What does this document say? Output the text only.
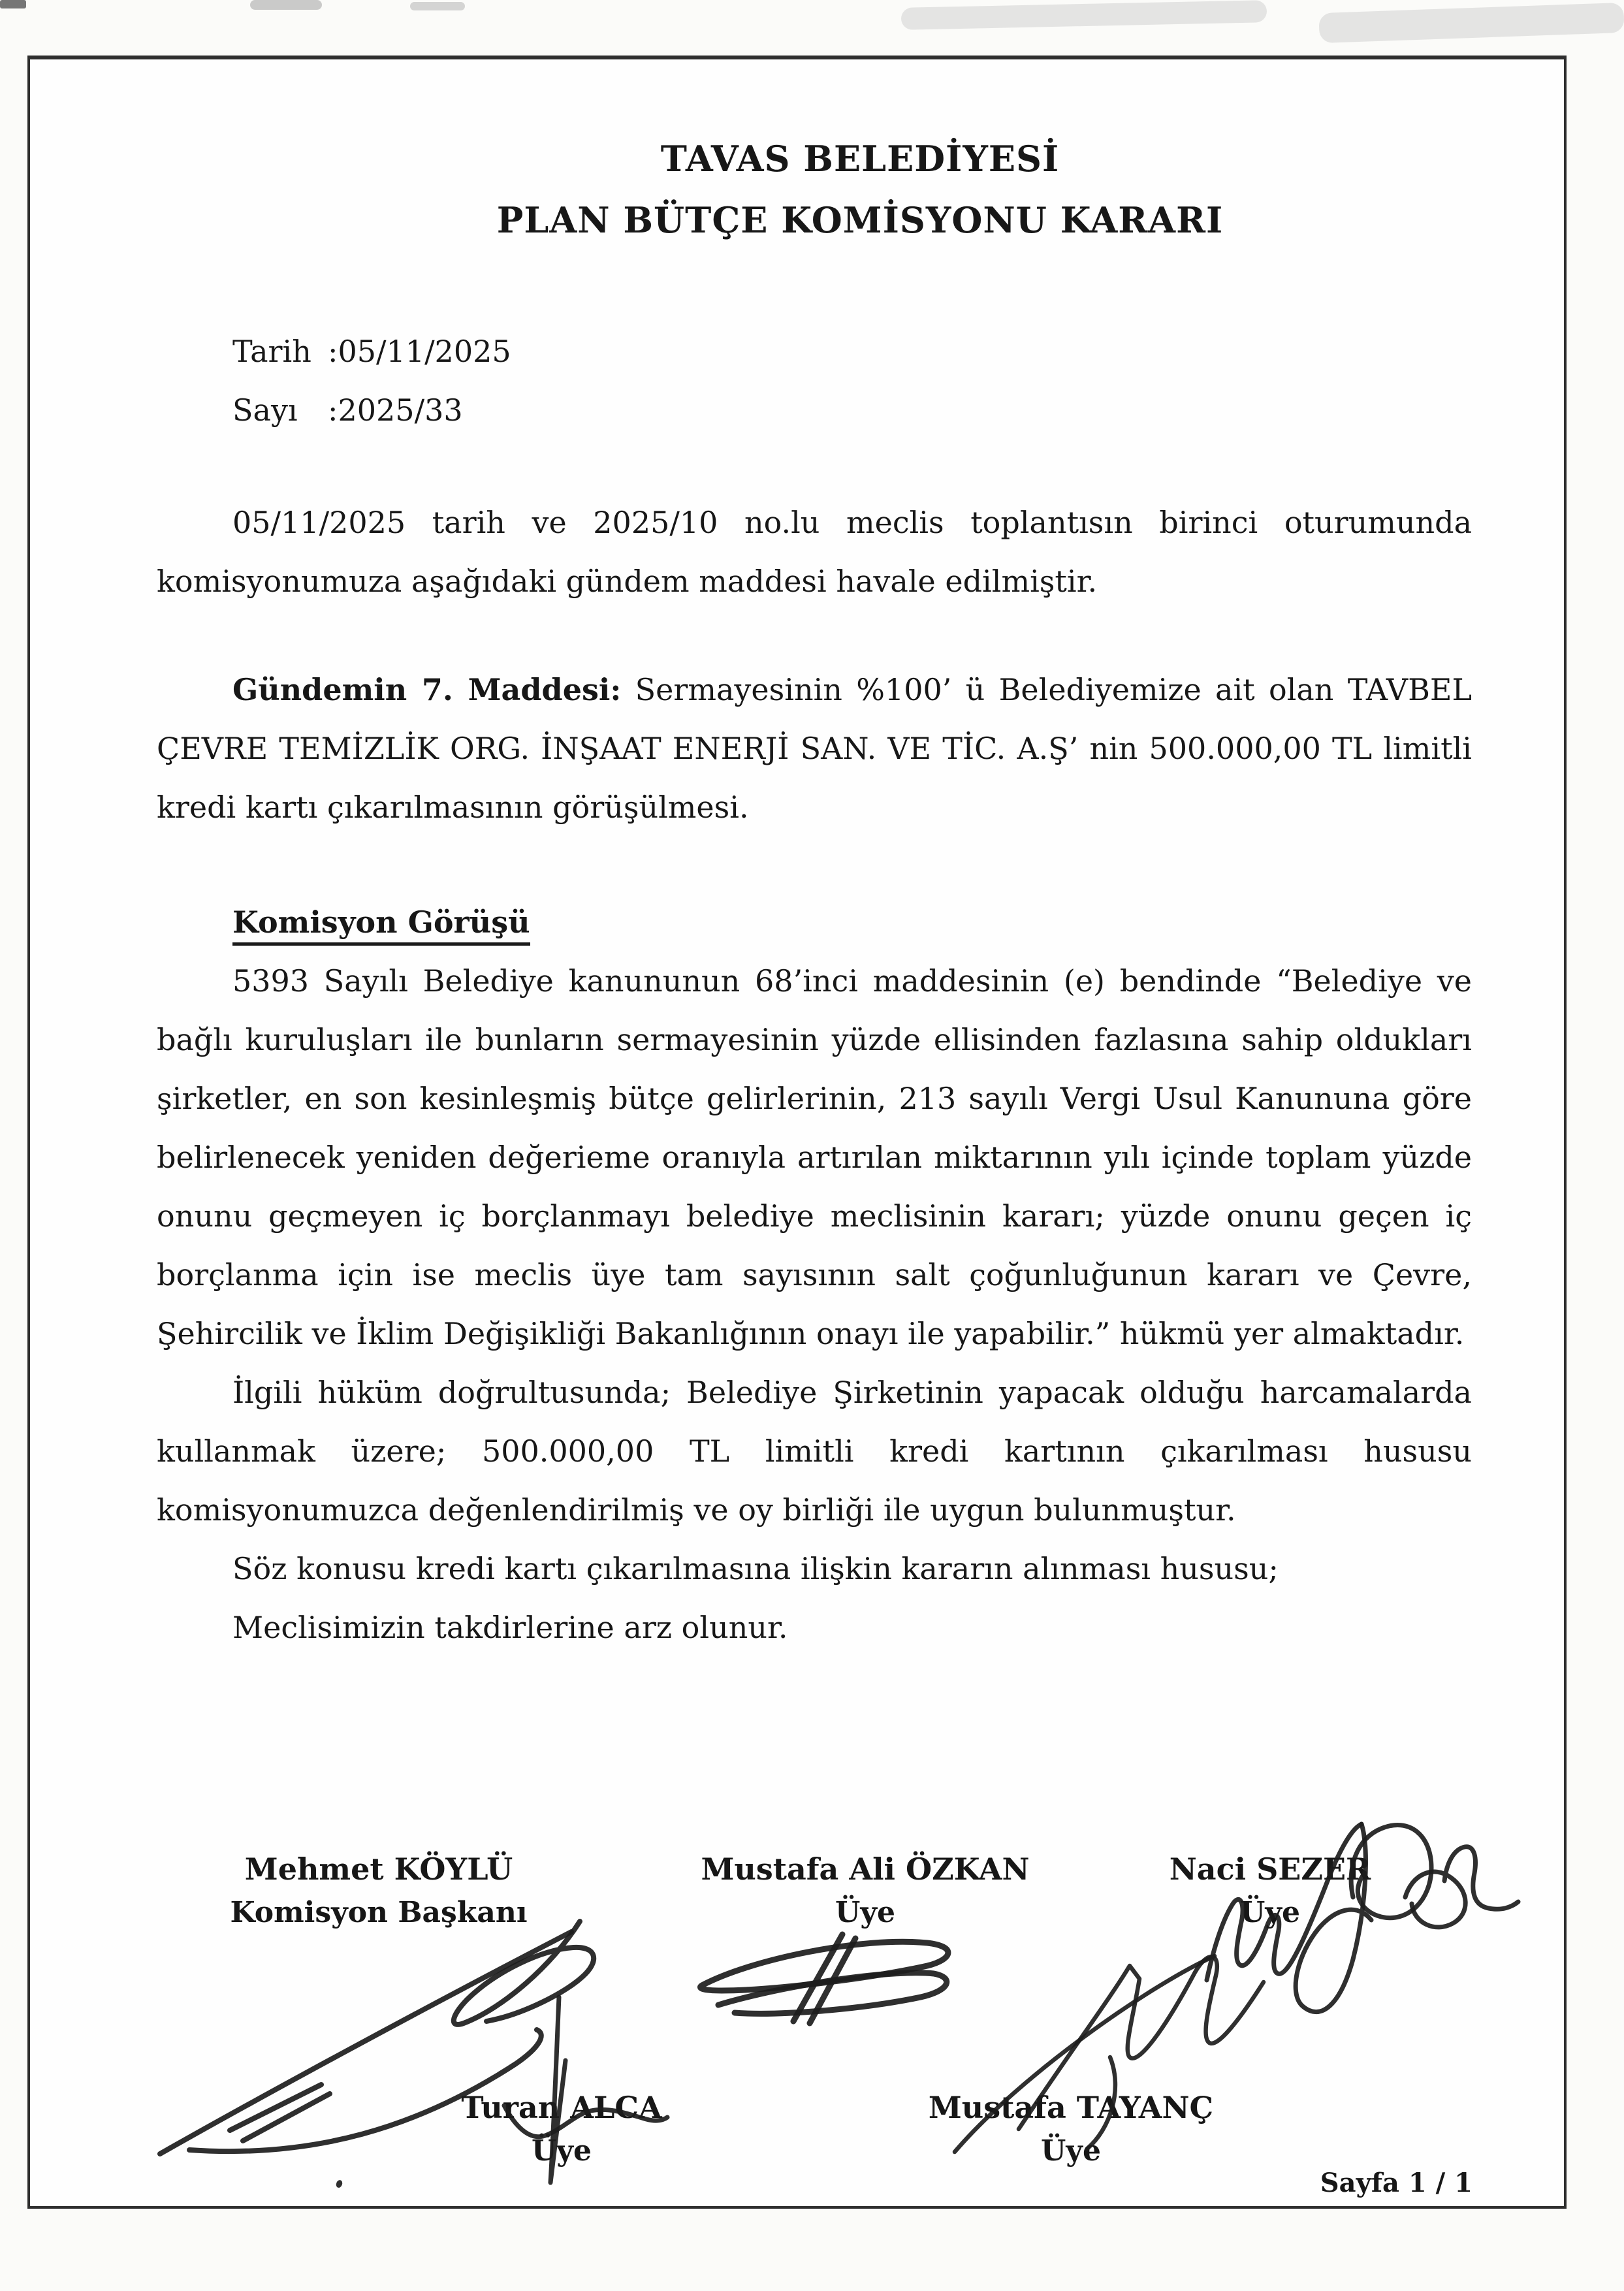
TAVAS BELEDİYESİ
PLAN BÜTÇE KOMİSYONU KARARI
Tarih :05/11/2025
Sayı :2025/33

05/11/2025 tarih ve 2025/10 no.lu meclis toplantısın birinci oturumunda komisyonumuza aşağıdaki gündem maddesi havale edilmiştir.

Gündemin 7. Maddesi: Sermayesinin %100’ ü Belediyemize ait olan TAVBEL ÇEVRE TEMİZLİK ORG. İNŞAAT ENERJİ SAN. VE TİC. A.Ş’ nin 500.000,00 TL limitli kredi kartı çıkarılmasının görüşülmesi.

Komisyon Görüşü

5393 Sayılı Belediye kanununun 68’inci maddesinin (e) bendinde “Belediye ve bağlı kuruluşları ile bunların sermayesinin yüzde ellisinden fazlasına sahip oldukları şirketler, en son kesinleşmiş bütçe gelirlerinin, 213 sayılı Vergi Usul Kanununa göre belirlenecek yeniden değerieme oranıyla artırılan miktarının yılı içinde toplam yüzde onunu geçmeyen iç borçlanmayı belediye meclisinin kararı; yüzde onunu geçen iç borçlanma için ise meclis üye tam sayısının salt çoğunluğunun kararı ve Çevre, Şehircilik ve İklim Değişikliği Bakanlığının onayı ile yapabilir.” hükmü yer almaktadır.

İlgili hüküm doğrultusunda; Belediye Şirketinin yapacak olduğu harcamalarda kullanmak üzere; 500.000,00 TL limitli kredi kartının çıkarılması hususu komisyonumuzca değenlendirilmiş ve oy birliği ile uygun bulunmuştur.

Söz konusu kredi kartı çıkarılmasına ilişkin kararın alınması hususu;

Meclisimizin takdirlerine arz olunur.

Mehmet KÖYLÜ
Komisyon Başkanı
Mustafa Ali ÖZKAN
Üye
Naci SEZER
Üye
Turan ALCA
Üye
Mustafa TAYANÇ
Üye
Sayfa 1 / 1
